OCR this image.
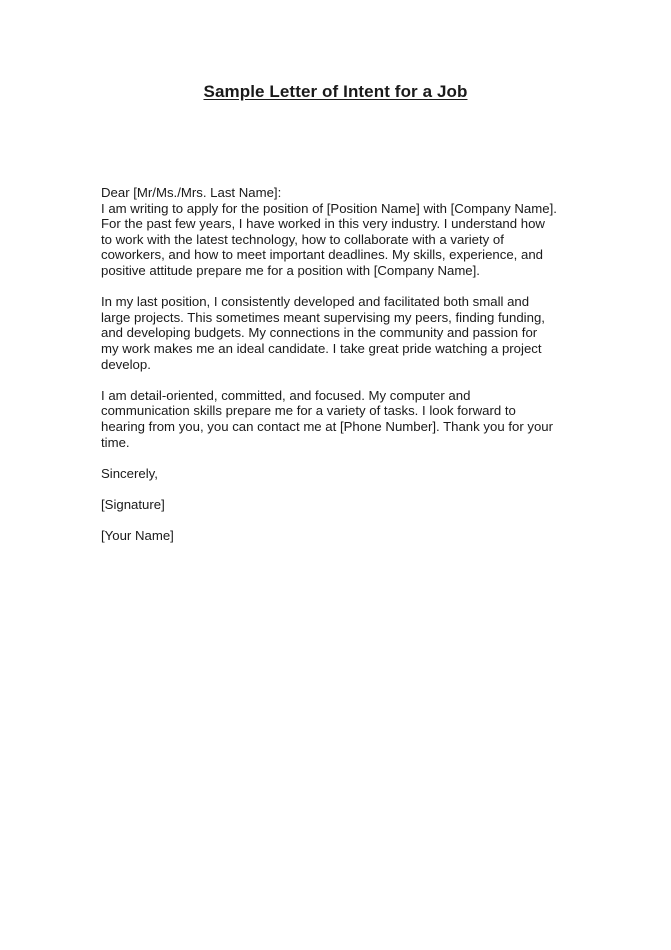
Sample Letter of Intent for a Job
Dear [Mr/Ms./Mrs. Last Name]:
I am writing to apply for the position of [Position Name] with [Company Name].
For the past few years, I have worked in this very industry. I understand how
to work with the latest technology, how to collaborate with a variety of
coworkers, and how to meet important deadlines. My skills, experience, and
positive attitude prepare me for a position with [Company Name].
In my last position, I consistently developed and facilitated both small and
large projects. This sometimes meant supervising my peers, finding funding,
and developing budgets. My connections in the community and passion for
my work makes me an ideal candidate. I take great pride watching a project
develop.
I am detail-oriented, committed, and focused. My computer and
communication skills prepare me for a variety of tasks. I look forward to
hearing from you, you can contact me at [Phone Number]. Thank you for your
time.
Sincerely,
[Signature]
[Your Name]
